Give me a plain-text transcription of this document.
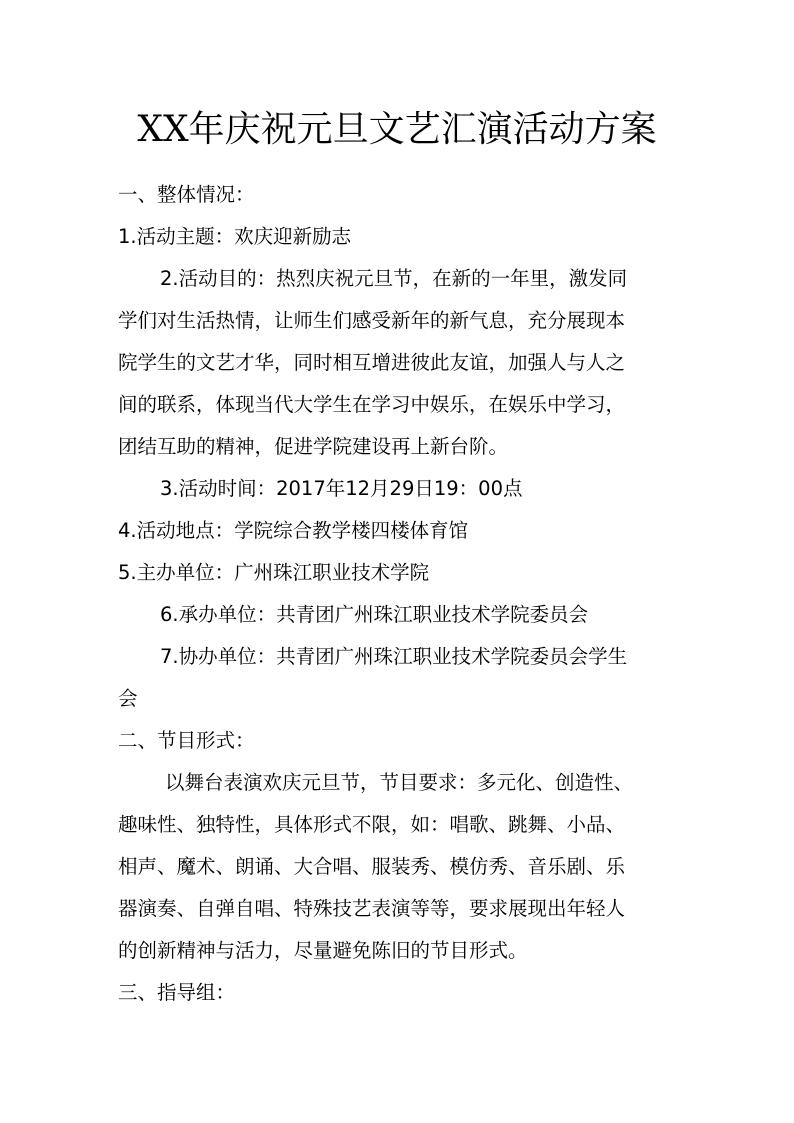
XX年庆祝元旦文艺汇演活动方案
一、整体情况：
1.活动主题：欢庆迎新励志
2.活动目的：热烈庆祝元旦节，在新的一年里，激发同
学们对生活热情，让师生们感受新年的新气息，充分展现本
院学生的文艺才华，同时相互增进彼此友谊，加强人与人之
间的联系，体现当代大学生在学习中娱乐，在娱乐中学习，
团结互助的精神，促进学院建设再上新台阶。
3.活动时间：2017年12月29日19：00点
4.活动地点：学院综合教学楼四楼体育馆
5.主办单位：广州珠江职业技术学院
6.承办单位：共青团广州珠江职业技术学院委员会
7.协办单位：共青团广州珠江职业技术学院委员会学生
会
二、节目形式：
以舞台表演欢庆元旦节，节目要求：多元化、创造性、
趣味性、独特性，具体形式不限，如：唱歌、跳舞、小品、
相声、魔术、朗诵、大合唱、服装秀、模仿秀、音乐剧、乐
器演奏、自弹自唱、特殊技艺表演等等，要求展现出年轻人
的创新精神与活力，尽量避免陈旧的节目形式。
三、指导组：
